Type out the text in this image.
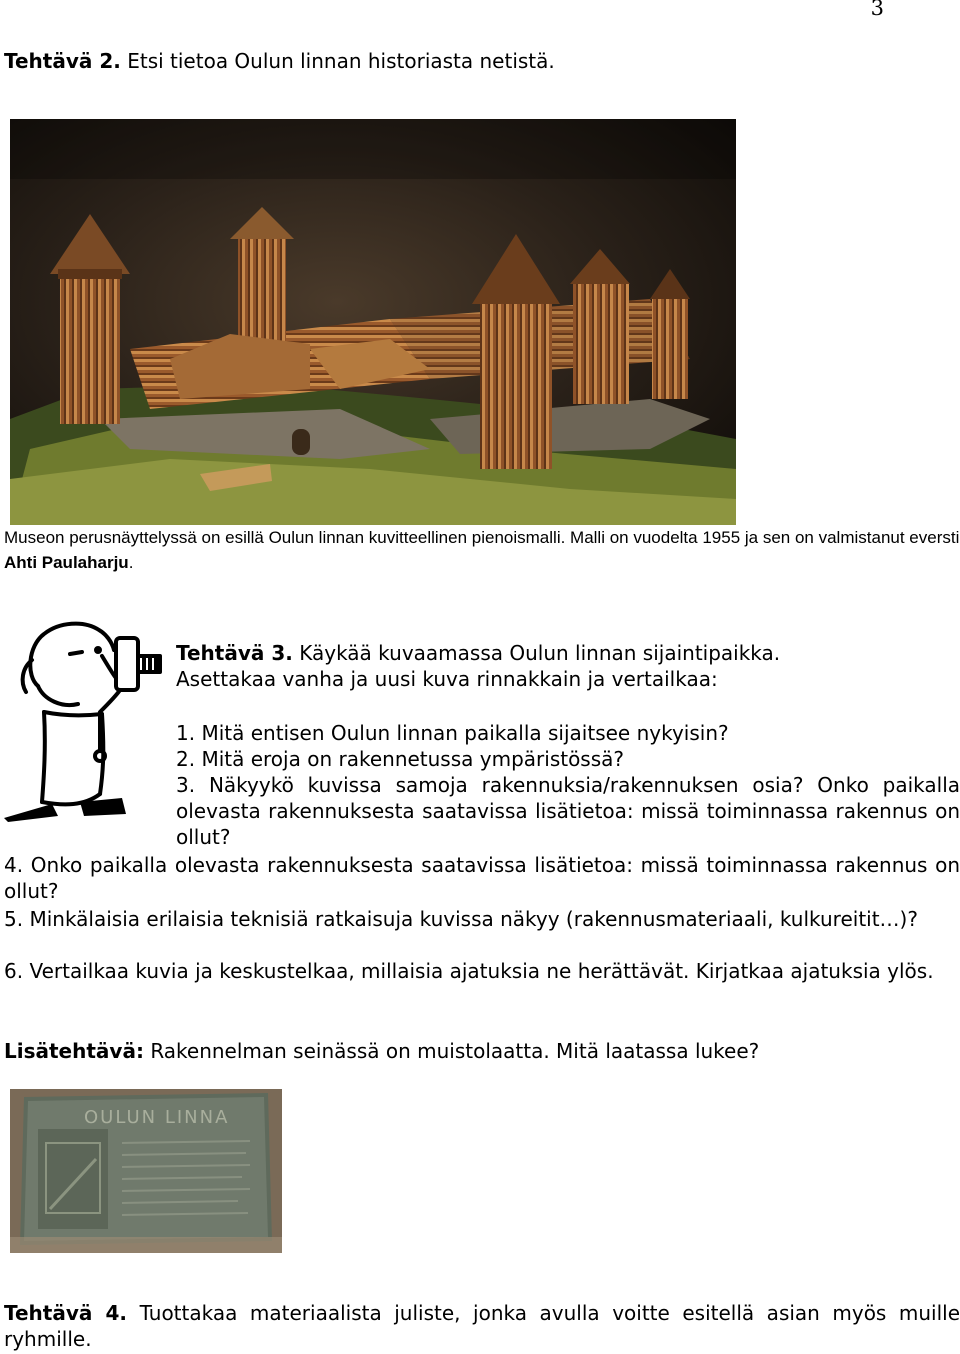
3
Tehtävä 2. Etsi tietoa Oulun linnan historiasta netistä.
Museon perusnäyttelyssä on esillä Oulun linnan kuvitteellinen pienoismalli. Malli on vuodelta 1955 ja sen on valmistanut eversti Ahti Paulaharju.
Tehtävä 3. Käykää kuvaamassa Oulun linnan sijaintipaikka.
Asettakaa vanha ja uusi kuva rinnakkain ja vertailkaa:
1. Mitä entisen Oulun linnan paikalla sijaitsee nykyisin?
2. Mitä eroja on rakennetussa ympäristössä?
3. Näkyykö kuvissa samoja rakennuksia/rakennuksen osia? Onko paikalla olevasta rakennuksesta saatavissa lisätietoa: missä toiminnassa rakennus on ollut?
4. Onko paikalla olevasta rakennuksesta saatavissa lisätietoa: missä toiminnassa rakennus on ollut?
5. Minkälaisia erilaisia teknisiä ratkaisuja kuvissa näkyy (rakennusmateriaali, kulkureitit…)?
6. Vertailkaa kuvia ja keskustelkaa, millaisia ajatuksia ne herättävät. Kirjatkaa ajatuksia ylös.
Lisätehtävä: Rakennelman seinässä on muistolaatta. Mitä laatassa lukee?
OULUN LINNA
Tehtävä 4. Tuottakaa materiaalista juliste, jonka avulla voitte esitellä asian myös muille ryhmille.
